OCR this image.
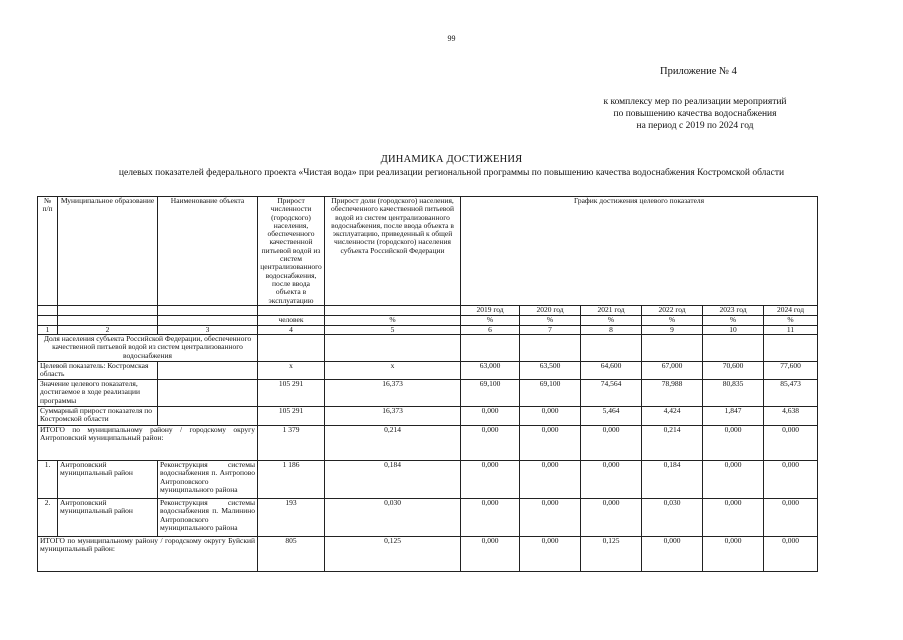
99
Приложение № 4
к комплексу мер по реализации мероприятий
по повышению качества водоснабжения
на период с 2019 по 2024 год
ДИНАМИКА ДОСТИЖЕНИЯ
целевых показателей федерального проекта «Чистая вода» при реализации региональной программы по повышению качества водоснабжения Костромской области
№ п/п	Муниципальное образование	Наименование объекта	Прирост численности (городского) населения, обеспеченного качественной питьевой водой из систем централизованного водоснабжения, после ввода объекта в эксплуатацию	Прирост доли (городского) населения, обеспеченного качественной питьевой водой из систем централизованного водоснабжения, после ввода объекта в эксплуатацию, приведенный к общей численности (городского) населения субъекта Российской Федерации	График достижения целевого показателя					
					2019 год	2020 год	2021 год	2022 год	2023 год	2024 год
			человек	%	%	%	%	%	%	%
1	2	3	4	5	6	7	8	9	10	11
Доля населения субъекта Российской Федерации, обеспеченного качественной питьевой водой из систем централизованного водоснабжения										
Целевой показатель: Костромская область			х	х	63,000	63,500	64,600	67,000	70,600	77,600
Значение целевого показателя, достигаемое в ходе реализации программы			105 291	16,373	69,100	69,100	74,564	78,988	80,835	85,473
Суммарный прирост показателя по Костромской области			105 291	16,373	0,000	0,000	5,464	4,424	1,847	4,638
ИТОГО по муниципальному району / городскому округу Антроповский муниципальный район:			1 379	0,214	0,000	0,000	0,000	0,214	0,000	0,000
1.	Антроповский муниципальный район	Реконструкция системы водоснабжения п. Антропово Антроповского муниципального района	1 186	0,184	0,000	0,000	0,000	0,184	0,000	0,000
2.	Антроповский муниципальный район	Реконструкция системы водоснабжения п. Малинино Антроповского муниципального района	193	0,030	0,000	0,000	0,000	0,030	0,000	0,000
ИТОГО по муниципальному району / городскому округу Буйский муниципальный район:			805	0,125	0,000	0,000	0,125	0,000	0,000	0,000
